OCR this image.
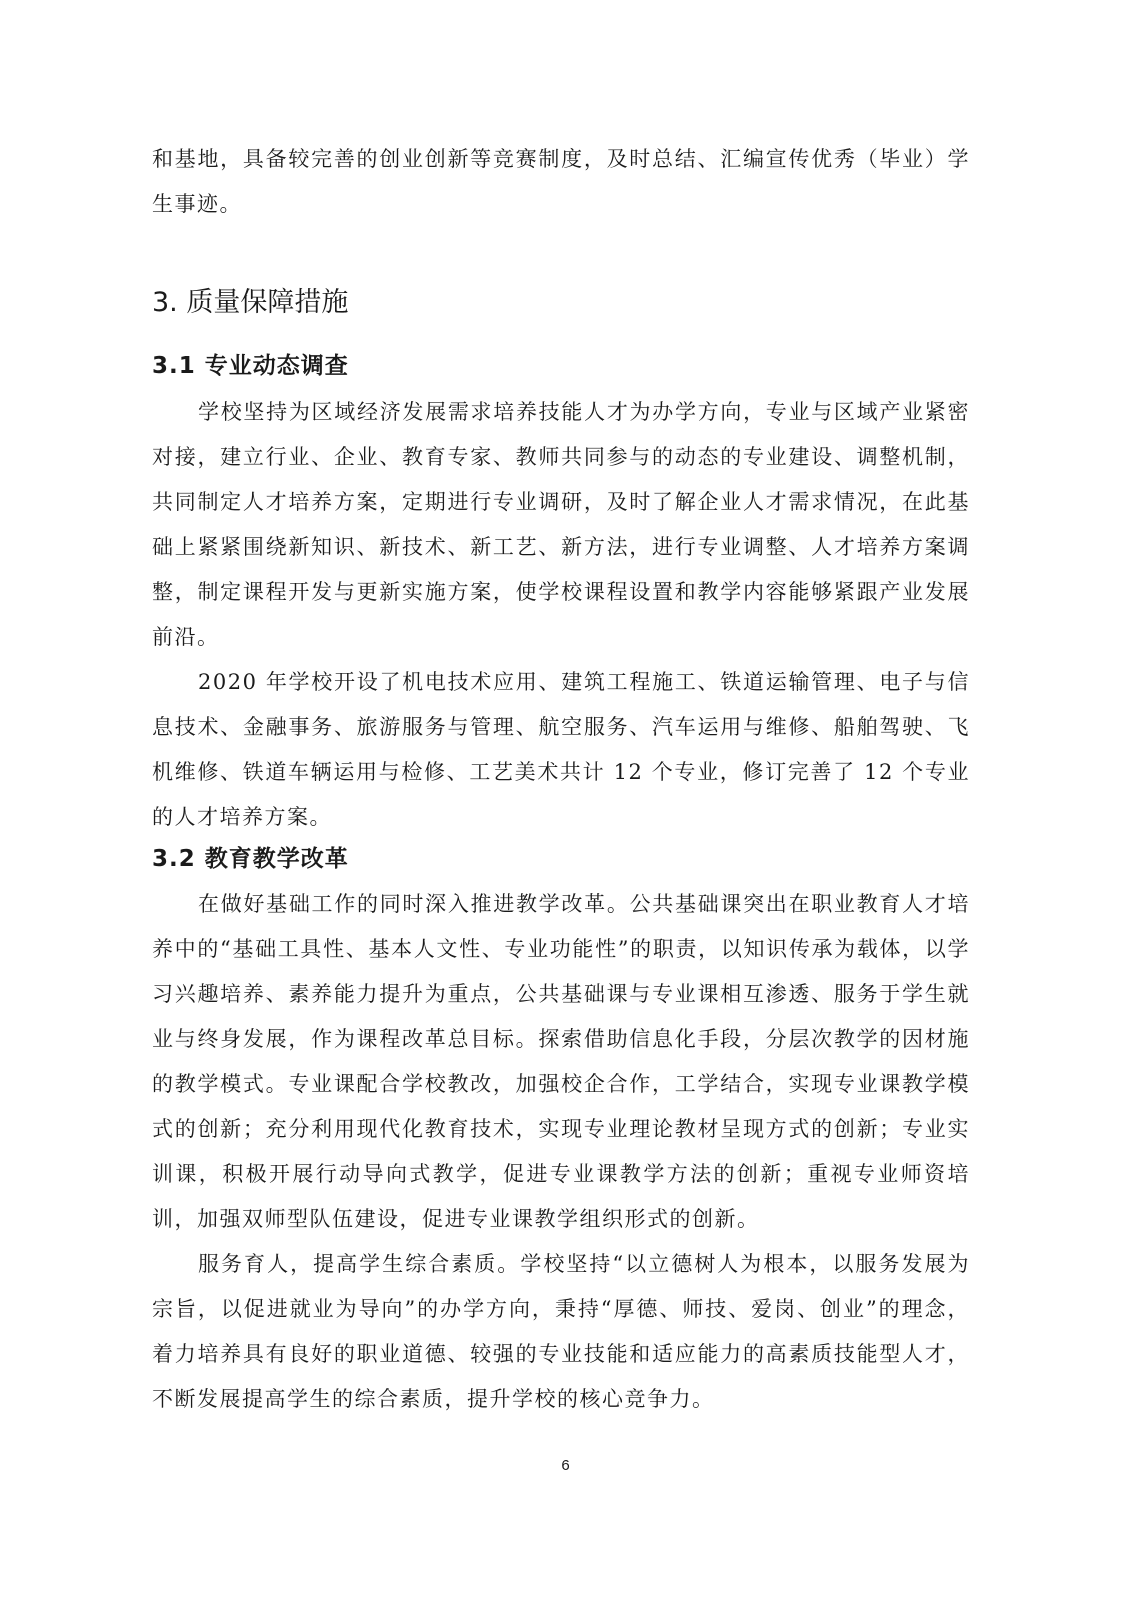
和基地，具备较完善的创业创新等竞赛制度，及时总结、汇编宣传优秀（毕业）学生事迹。

3. 质量保障措施
3.1 专业动态调查

学校坚持为区域经济发展需求培养技能人才为办学方向，专业与区域产业紧密对接，建立行业、企业、教育专家、教师共同参与的动态的专业建设、调整机制，共同制定人才培养方案，定期进行专业调研，及时了解企业人才需求情况，在此基础上紧紧围绕新知识、新技术、新工艺、新方法，进行专业调整、人才培养方案调整，制定课程开发与更新实施方案，使学校课程设置和教学内容能够紧跟产业发展前沿。

2020 年学校开设了机电技术应用、建筑工程施工、铁道运输管理、电子与信息技术、金融事务、旅游服务与管理、航空服务、汽车运用与维修、船舶驾驶、飞机维修、铁道车辆运用与检修、工艺美术共计 12 个专业，修订完善了 12 个专业的人才培养方案。

3.2 教育教学改革

在做好基础工作的同时深入推进教学改革。公共基础课突出在职业教育人才培养中的“基础工具性、基本人文性、专业功能性”的职责，以知识传承为载体，以学习兴趣培养、素养能力提升为重点，公共基础课与专业课相互渗透、服务于学生就业与终身发展，作为课程改革总目标。探索借助信息化手段，分层次教学的因材施的教学模式。专业课配合学校教改，加强校企合作，工学结合，实现专业课教学模式的创新；充分利用现代化教育技术，实现专业理论教材呈现方式的创新；专业实训课，积极开展行动导向式教学，促进专业课教学方法的创新；重视专业师资培训，加强双师型队伍建设，促进专业课教学组织形式的创新。

服务育人，提高学生综合素质。学校坚持“以立德树人为根本，以服务发展为宗旨，以促进就业为导向”的办学方向，秉持“厚德、师技、爱岗、创业”的理念，着力培养具有良好的职业道德、较强的专业技能和适应能力的高素质技能型人才，不断发展提高学生的综合素质，提升学校的核心竞争力。

6
